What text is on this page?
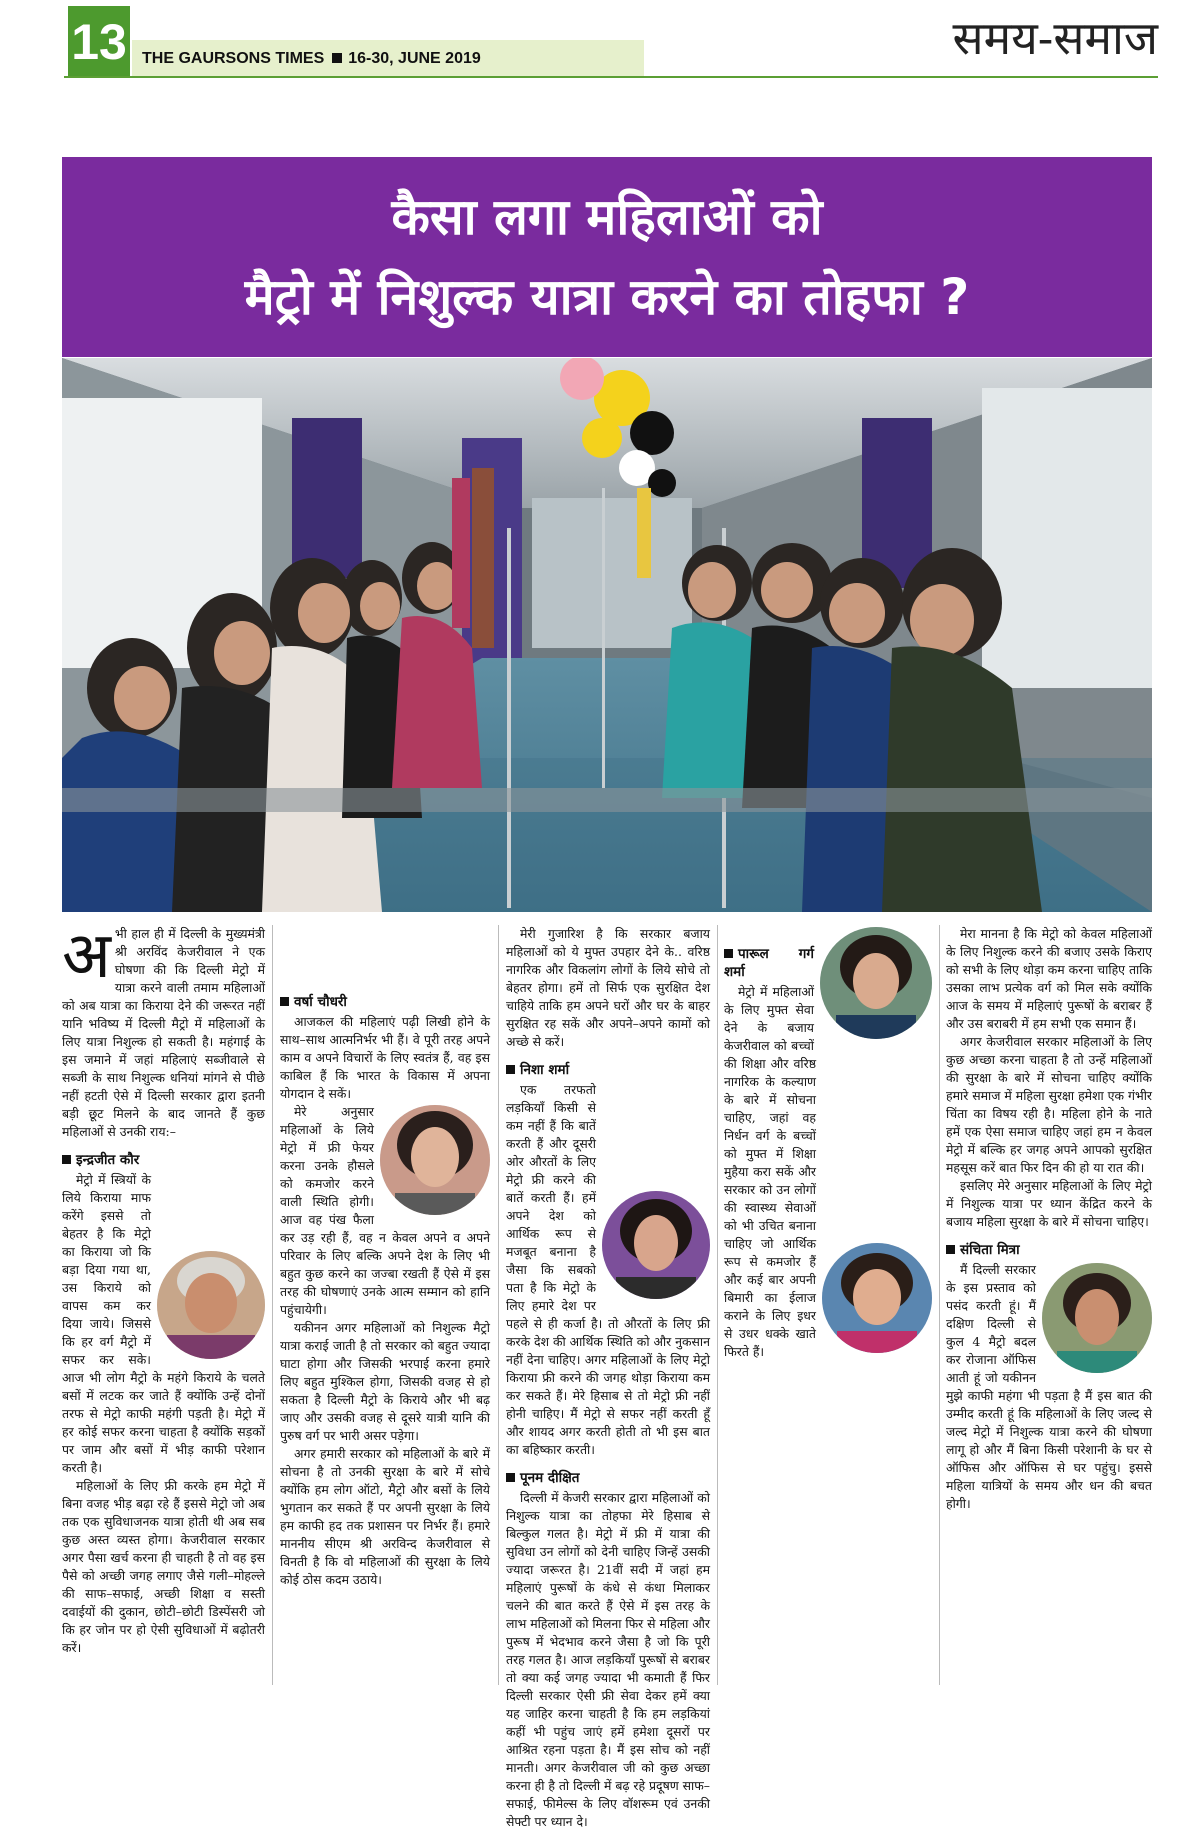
13 THE GAURSONS TIMES 16-30, JUNE 2019	समय-समाज
कैसा लगा महिलाओं को
मैट्रो में निशुल्क यात्रा करने का तोहफा ?

अभी हाल ही में दिल्ली के मुख्यमंत्री श्री अरविंद केजरीवाल ने एक घोषणा की कि दिल्ली मेट्रो में यात्रा करने वाली तमाम महिलाओं को अब यात्रा का किराया देने की जरूरत नहीं यानि भविष्य में दिल्ली मैट्रो में महिलाओं के लिए यात्रा निशुल्क हो सकती है। महंगाई के इस जमाने में जहां महिलाएं सब्जीवाले से सब्जी के साथ निशुल्क धनियां मांगने से पीछे नहीं हटती ऐसे में दिल्ली सरकार द्वारा इतनी बड़ी छूट मिलने के बाद जानते हैं कुछ महिलाओं से उनकी राय:–

इन्द्रजीत कौर

मेट्रो में स्त्रियों के लिये किराया माफ करेंगे इससे तो बेहतर है कि मेट्रो का किराया जो कि बड़ा दिया गया था, उस किराये को वापस कम कर दिया जाये। जिससे कि हर वर्ग मैट्रो में सफर कर सके। आज भी लोग मैट्रो के महंगे किराये के चलते बसों में लटक कर जाते हैं क्योंकि उन्हें दोनों तरफ से मेट्रो काफी महंगी पड़ती है। मेट्रो में हर कोई सफर करना चाहता है क्योंकि सड़कों पर जाम और बसों में भीड़ काफी परेशान करती है।

महिलाओं के लिए फ्री करके हम मेट्रो में बिना वजह भीड़ बढ़ा रहे हैं इससे मेट्रो जो अब तक एक सुविधाजनक यात्रा होती थी अब सब कुछ अस्त व्यस्त होगा। केजरीवाल सरकार अगर पैसा खर्च करना ही चाहती है तो वह इस पैसे को अच्छी जगह लगाए जैसे गली–मोहल्ले की साफ–सफाई, अच्छी शिक्षा व सस्ती दवाईयों की दुकान, छोटी–छोटी डिस्पेंसरी जो कि हर जोन पर हो ऐसी सुविधाओं में बढ़ोतरी करें।

वर्षा चौधरी

आजकल की महिलाएं पढ़ी लिखी होने के साथ–साथ आत्मनिर्भर भी हैं। वे पूरी तरह अपने काम व अपने विचारों के लिए स्वतंत्र हैं, वह इस काबिल हैं कि भारत के विकास में अपना योगदान दे सकें।

मेरे अनुसार महिलाओं के लिये मेट्रो में फ्री फेयर करना उनके हौसले को कमजोर करने वाली स्थिति होगी। आज वह पंख फैला कर उड़ रही हैं, वह न केवल अपने व अपने परिवार के लिए बल्कि अपने देश के लिए भी बहुत कुछ करने का जज्बा रखती हैं ऐसे में इस तरह की घोषणाएं उनके आत्म सम्मान को हानि पहुंचायेगी।

यकीनन अगर महिलाओं को निशुल्क मैट्रो यात्रा कराई जाती है तो सरकार को बहुत ज्यादा घाटा होगा और जिसकी भरपाई करना हमारे लिए बहुत मुश्किल होगा, जिसकी वजह से हो सकता है दिल्ली मैट्रो के किराये और भी बढ़ जाए और उसकी वजह से दूसरे यात्री यानि की पुरुष वर्ग पर भारी असर पड़ेगा।

अगर हमारी सरकार को महिलाओं के बारे में सोचना है तो उनकी सुरक्षा के बारे में सोचे क्योंकि हम लोग ऑटो, मैट्रो और बसों के लिये भुगतान कर सकते हैं पर अपनी सुरक्षा के लिये हम काफी हद तक प्रशासन पर निर्भर हैं। हमारे माननीय सीएम श्री अरविन्द केजरीवाल से विनती है कि वो महिलाओं की सुरक्षा के लिये कोई ठोस कदम उठाये।

मेरी गुजारिश है कि सरकार बजाय महिलाओं को ये मुफ्त उपहार देने के.. वरिष्ठ नागरिक और विकलांग लोगों के लिये सोचे तो बेहतर होगा। हमें तो सिर्फ एक सुरक्षित देश चाहिये ताकि हम अपने घरों और घर के बाहर सुरक्षित रह सकें और अपने–अपने कामों को अच्छे से करें।

निशा शर्मा

एक तरफतो लड़कियाँ किसी से कम नहीं हैं कि बातें करती हैं और दूसरी ओर औरतों के लिए मेट्रो फ्री करने की बातें करती हैं। हमें अपने देश को आर्थिक रूप से मजबूत बनाना है जैसा कि सबको पता है कि मेट्रो के लिए हमारे देश पर पहले से ही कर्जा है। तो औरतों के लिए फ्री करके देश की आर्थिक स्थिति को और नुकसान नहीं देना चाहिए। अगर महिलाओं के लिए मेट्रो किराया फ्री करने की जगह थोड़ा किराया कम कर सकते हैं। मेरे हिसाब से तो मेट्रो फ्री नहीं होनी चाहिए। मैं मेट्रो से सफर नहीं करती हूँ और शायद अगर करती होती तो भी इस बात का बहिष्कार करती।

पूनम दीक्षित

दिल्ली में केजरी सरकार द्वारा महिलाओं को निशुल्क यात्रा का तोहफा मेरे हिसाब से बिल्कुल गलत है। मेट्रो में फ्री में यात्रा की सुविधा उन लोगों को देनी चाहिए जिन्हें उसकी ज्यादा जरूरत है। 21वीं सदी में जहां हम महिलाएं पुरूषों के कंधे से कंधा मिलाकर चलने की बात करते हैं ऐसे में इस तरह के लाभ महिलाओं को मिलना फिर से महिला और पुरूष में भेदभाव करने जैसा है जो कि पूरी तरह गलत है। आज लड़कियाँ पुरूषों से बराबर तो क्या कई जगह ज्यादा भी कमाती हैं फिर दिल्ली सरकार ऐसी फ्री सेवा देकर हमें क्या यह जाहिर करना चाहती है कि हम लड़कियां कहीं भी पहुंच जाएं हमें हमेशा दूसरों पर आश्रित रहना पड़ता है। मैं इस सोच को नहीं मानती। अगर केजरीवाल जी को कुछ अच्छा करना ही है तो दिल्ली में बढ़ रहे प्रदूषण साफ–सफाई, फीमेल्स के लिए वॉशरूम एवं उनकी सेफ्टी पर ध्यान दे।

पारूल गर्ग शर्मा

मेट्रो में महिलाओं के लिए मुफ्त सेवा देने के बजाय केजरीवाल को बच्चों की शिक्षा और वरिष्ठ नागरिक के कल्याण के बारे में सोचना चाहिए, जहां वह निर्धन वर्ग के बच्चों को मुफ्त में शिक्षा मुहैया करा सकें और सरकार को उन लोगों की स्वास्थ्य सेवाओं को भी उचित बनाना चाहिए जो आर्थिक रूप से कमजोर हैं और कई बार अपनी बिमारी का ईलाज कराने के लिए इधर से उधर धक्के खाते फिरते हैं।

मेरा मानना है कि मेट्रो को केवल महिलाओं के लिए निशुल्क करने की बजाए उसके किराए को सभी के लिए थोड़ा कम करना चाहिए ताकि उसका लाभ प्रत्येक वर्ग को मिल सके क्योंकि आज के समय में महिलाएं पुरूषों के बराबर हैं और उस बराबरी में हम सभी एक समान हैं।

अगर केजरीवाल सरकार महिलाओं के लिए कुछ अच्छा करना चाहता है तो उन्हें महिलाओं की सुरक्षा के बारे में सोचना चाहिए क्योंकि हमारे समाज में महिला सुरक्षा हमेशा एक गंभीर चिंता का विषय रही है। महिला होने के नाते हमें एक ऐसा समाज चाहिए जहां हम न केवल मेट्रो में बल्कि हर जगह अपने आपको सुरक्षित महसूस करें बात फिर दिन की हो या रात की।

इसलिए मेरे अनुसार महिलाओं के लिए मेट्रो में निशुल्क यात्रा पर ध्यान केंद्रित करने के बजाय महिला सुरक्षा के बारे में सोचना चाहिए।

संचिता मित्रा

मैं दिल्ली सरकार के इस प्रस्ताव को पसंद करती हूं। मैं दक्षिण दिल्ली से कुल 4 मैट्रो बदल कर रोजाना ऑफिस आती हूं जो यकीनन मुझे काफी महंगा भी पड़ता है मैं इस बात की उम्मीद करती हूं कि महिलाओं के लिए जल्द से जल्द मेट्रो में निशुल्क यात्रा करने की घोषणा लागू हो और मैं बिना किसी परेशानी के घर से ऑफिस और ऑफिस से घर पहुंचु। इससे महिला यात्रियों के समय और धन की बचत होगी।
